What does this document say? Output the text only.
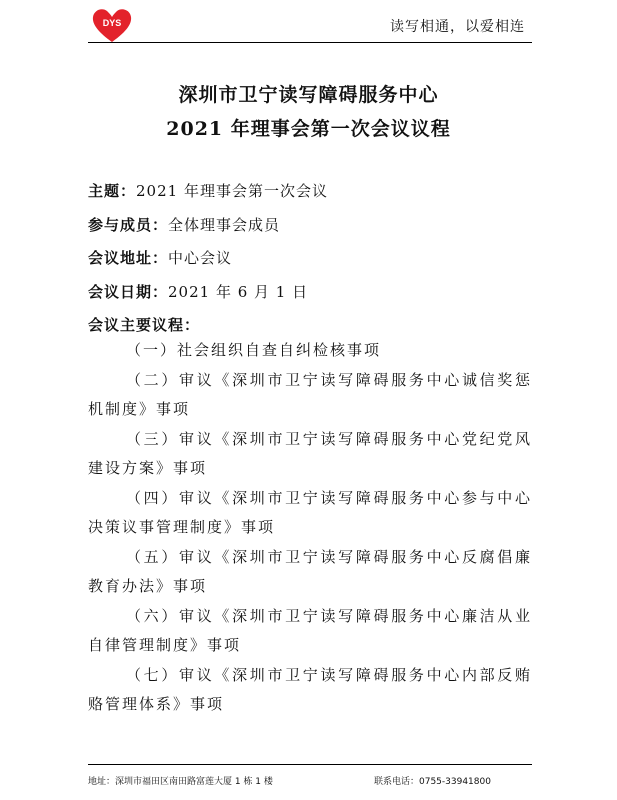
DYS	读写相通，以爱相连
深圳市卫宁读写障碍服务中心
2021 年理事会第一次会议议程
主题：2021 年理事会第一次会议
参与成员：全体理事会成员
会议地址：中心会议
会议日期：2021 年 6 月 1 日
会议主要议程：
（一）社会组织自查自纠检核事项
（二）审议《深圳市卫宁读写障碍服务中心诚信奖惩机制度》事项
（三）审议《深圳市卫宁读写障碍服务中心党纪党风建设方案》事项
（四）审议《深圳市卫宁读写障碍服务中心参与中心决策议事管理制度》事项
（五）审议《深圳市卫宁读写障碍服务中心反腐倡廉教育办法》事项
（六）审议《深圳市卫宁读写障碍服务中心廉洁从业自律管理制度》事项
（七）审议《深圳市卫宁读写障碍服务中心内部反贿赂管理体系》事项
地址：深圳市福田区南田路富莲大厦 1 栋 1 楼	联系电话：0755-33941800
